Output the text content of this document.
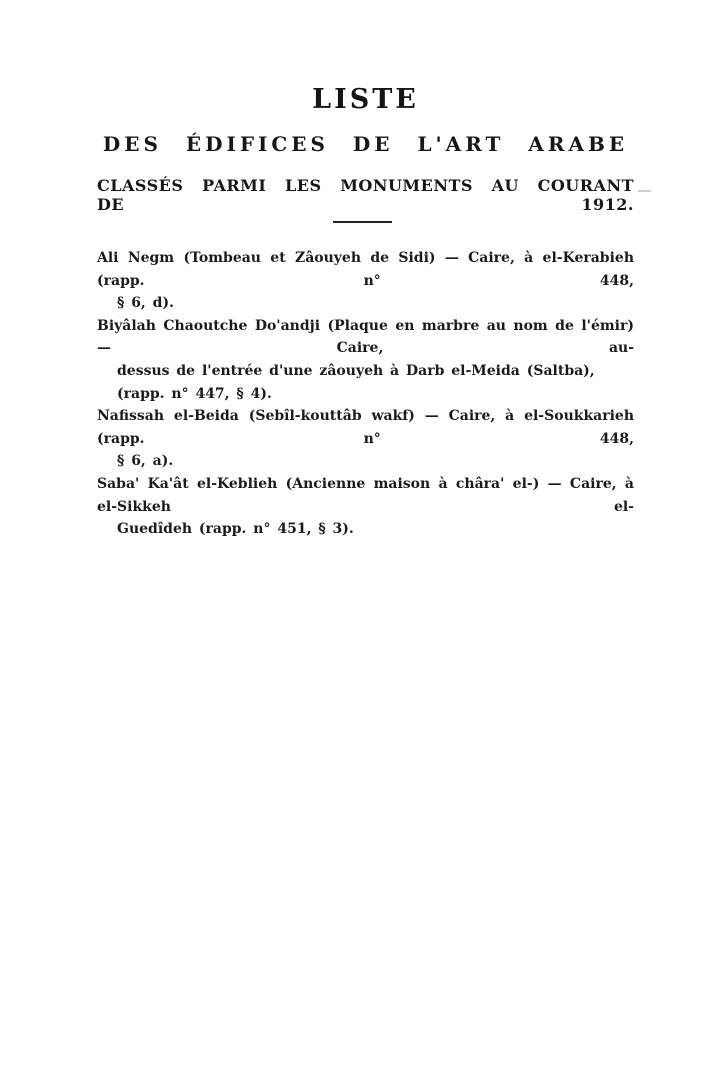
LISTE
DES ÉDIFICES DE L'ART ARABE
CLASSÉS PARMI LES MONUMENTS AU COURANT DE 1912.

Ali Negm (Tombeau et Zâouyeh de Sidi) — Caire, à el-Kerabieh (rapp. n° 448,
§ 6, d).

Biyâlah Chaoutche Do'andji (Plaque en marbre au nom de l'émir) — Caire, au-
dessus de l'entrée d'une zâouyeh à Darb el-Meida (Saltba), (rapp. n° 447, § 4).

Nafissah el-Beida (Sebîl-kouttâb wakf) — Caire, à el-Soukkarieh (rapp. n° 448,
§ 6, a).

Saba' Ka'ât el-Keblieh (Ancienne maison à châra' el-) — Caire, à el-Sikkeh el-
Guedîdeh (rapp. n° 451, § 3).
